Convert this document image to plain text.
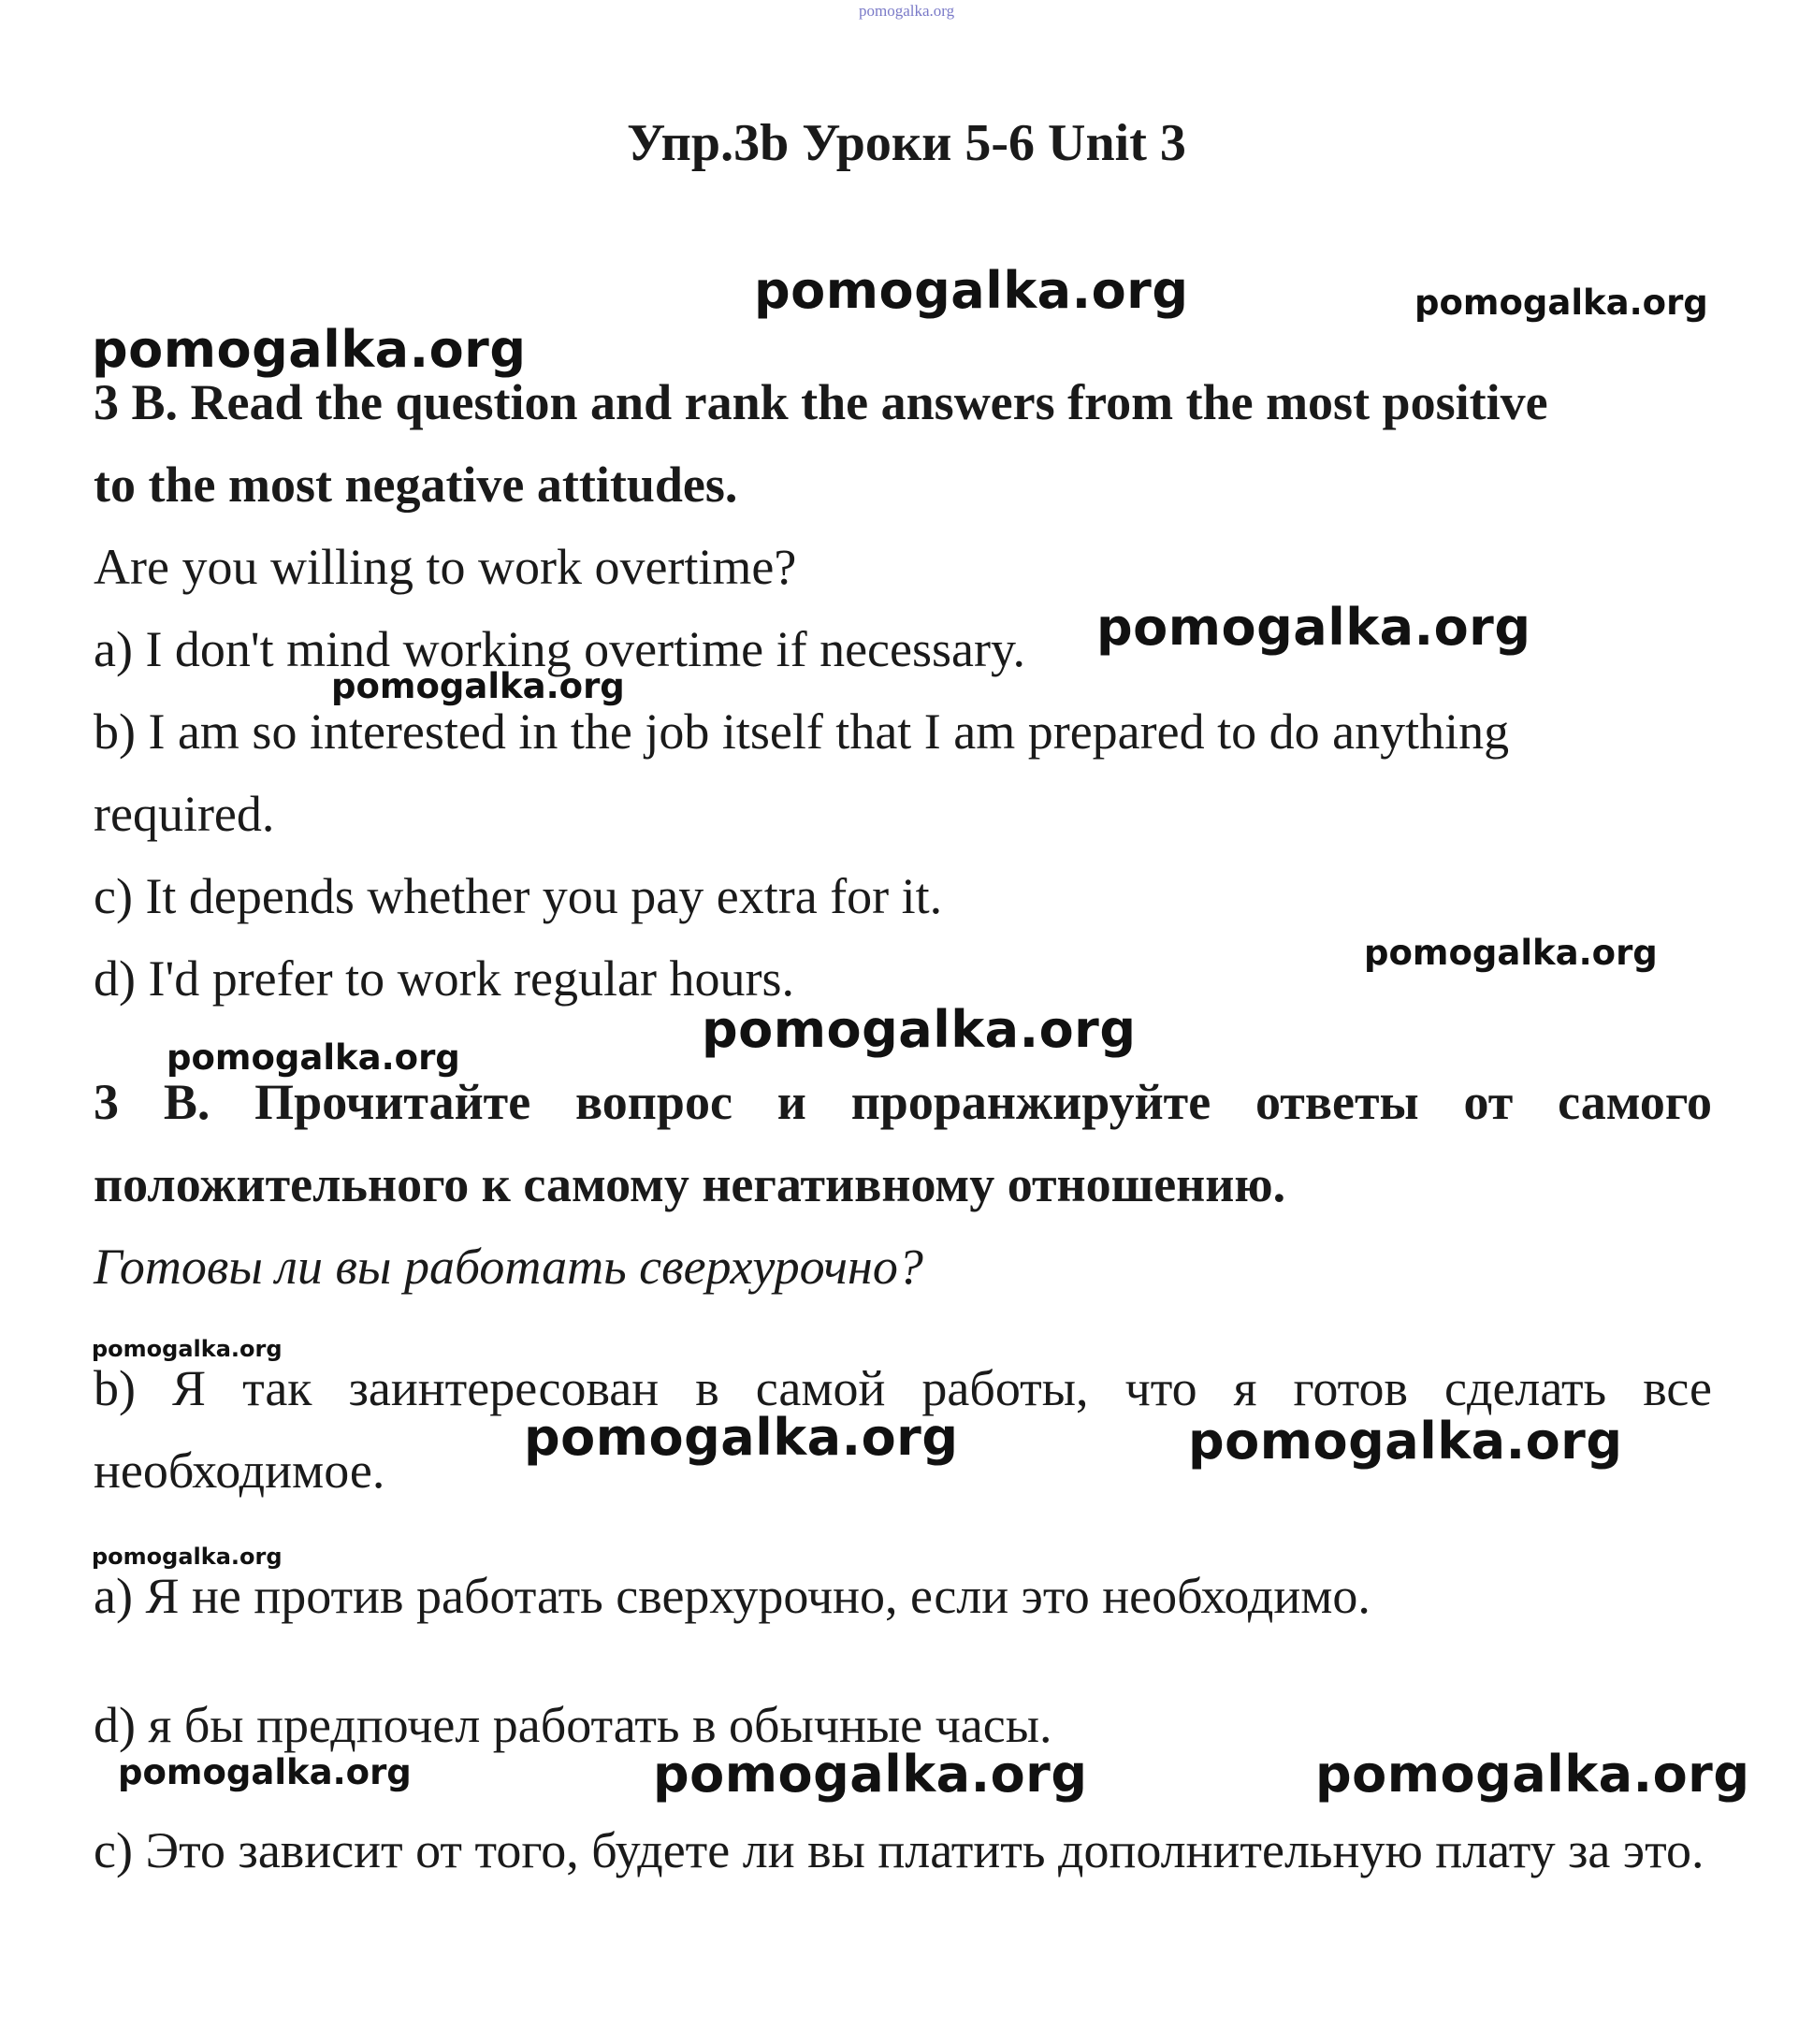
pomogalka.org
Упр.3b Уроки 5-6 Unit 3
pomogalka.org	pomogalka.org
pomogalka.org

3 B. Read the question and rank the answers from the most positive
to the most negative attitudes.

Are you willing to work overtime?

a) I don't mind working overtime if necessary.	pomogalka.org
pomogalka.org

b) I am so interested in the job itself that I am prepared to do anything
required.

c) It depends whether you pay extra for it.

d) I'd prefer to work regular hours.	pomogalka.org
pomogalka.org
pomogalka.org

3 B. Прочитайте вопрос и проранжируйте ответы от самого положительного к самому негативному отношению.

Готовы ли вы работать сверхурочно?

pomogalka.org

b) Я так заинтересован в самой работы, что я готов сделать все необходимое.

pomogalka.org	pomogalka.org
pomogalka.org

a) Я не против работать сверхурочно, если это необходимо.

d) я бы предпочел работать в обычные часы.

pomogalka.org	pomogalka.org	pomogalka.org

c) Это зависит от того, будете ли вы платить дополнительную плату за это.
